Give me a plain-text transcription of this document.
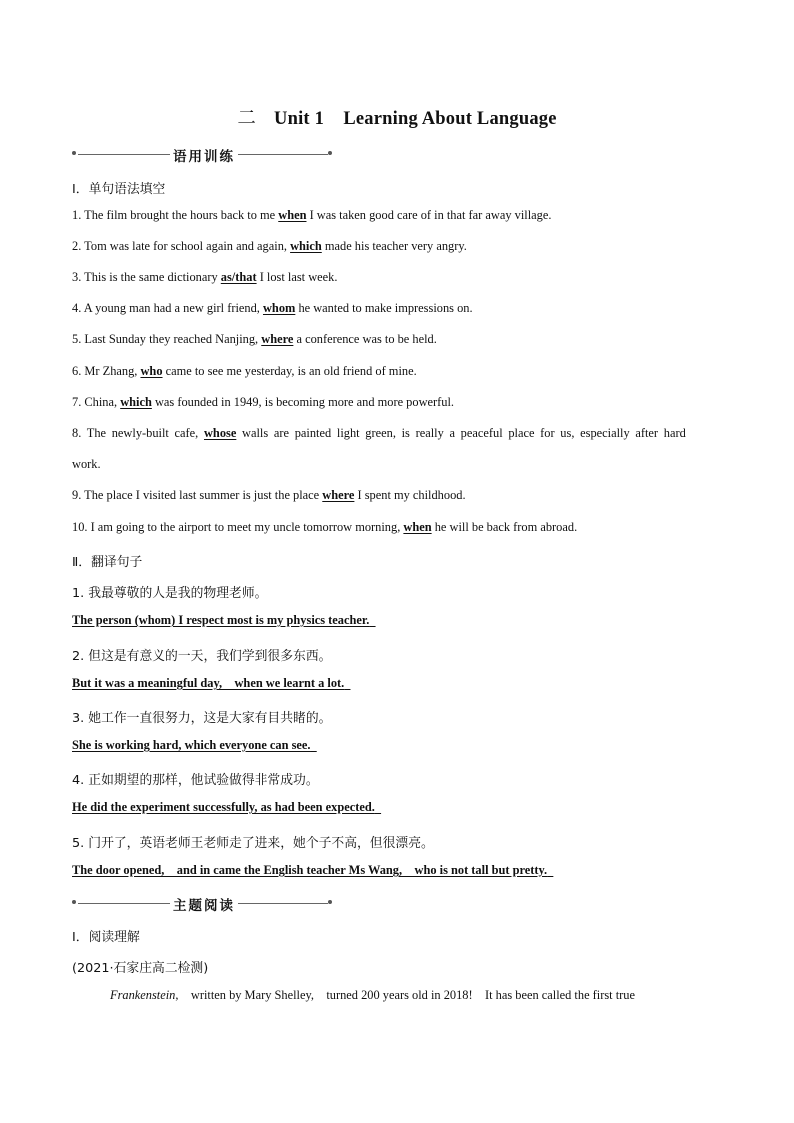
二 Unit 1    Learning About Language
语用训练
Ⅰ．单句语法填空
1. The film brought the hours back to me when I was taken good care of in that far away village.
2. Tom was late for school again and again, which made his teacher very angry.
3. This is the same dictionary as/that I lost last week.
4. A young man had a new girl friend, whom he wanted to make impressions on.
5. Last Sunday they reached Nanjing, where a conference was to be held.
6. Mr Zhang, who came to see me yesterday, is an old friend of mine.
7. China, which was founded in 1949, is becoming more and more powerful.
8. The newly-built cafe, whose walls are painted light green, is really a peaceful place for us, especially after hard
work.
9. The place I visited last summer is just the place where I spent my childhood.
10. I am going to the airport to meet my uncle tomorrow morning, when he will be back from abroad.
Ⅱ．翻译句子
1. 我最尊敬的人是我的物理老师。
The person (whom) I respect most is my physics teacher.
2. 但这是有意义的一天，我们学到很多东西。
But it was a meaningful day,    when we learnt a lot.
3. 她工作一直很努力，这是大家有目共睹的。
She is working hard, which everyone can see.
4. 正如期望的那样，他试验做得非常成功。
He did the experiment successfully, as had been expected.
5. 门开了，英语老师王老师走了进来，她个子不高，但很漂亮。
The door opened,    and in came the English teacher Ms Wang,    who is not tall but pretty.
主题阅读
Ⅰ．阅读理解
(2021·石家庄高二检测)
Frankenstein,    written by Mary Shelley,    turned 200 years old in 2018!    It has been called the first true
